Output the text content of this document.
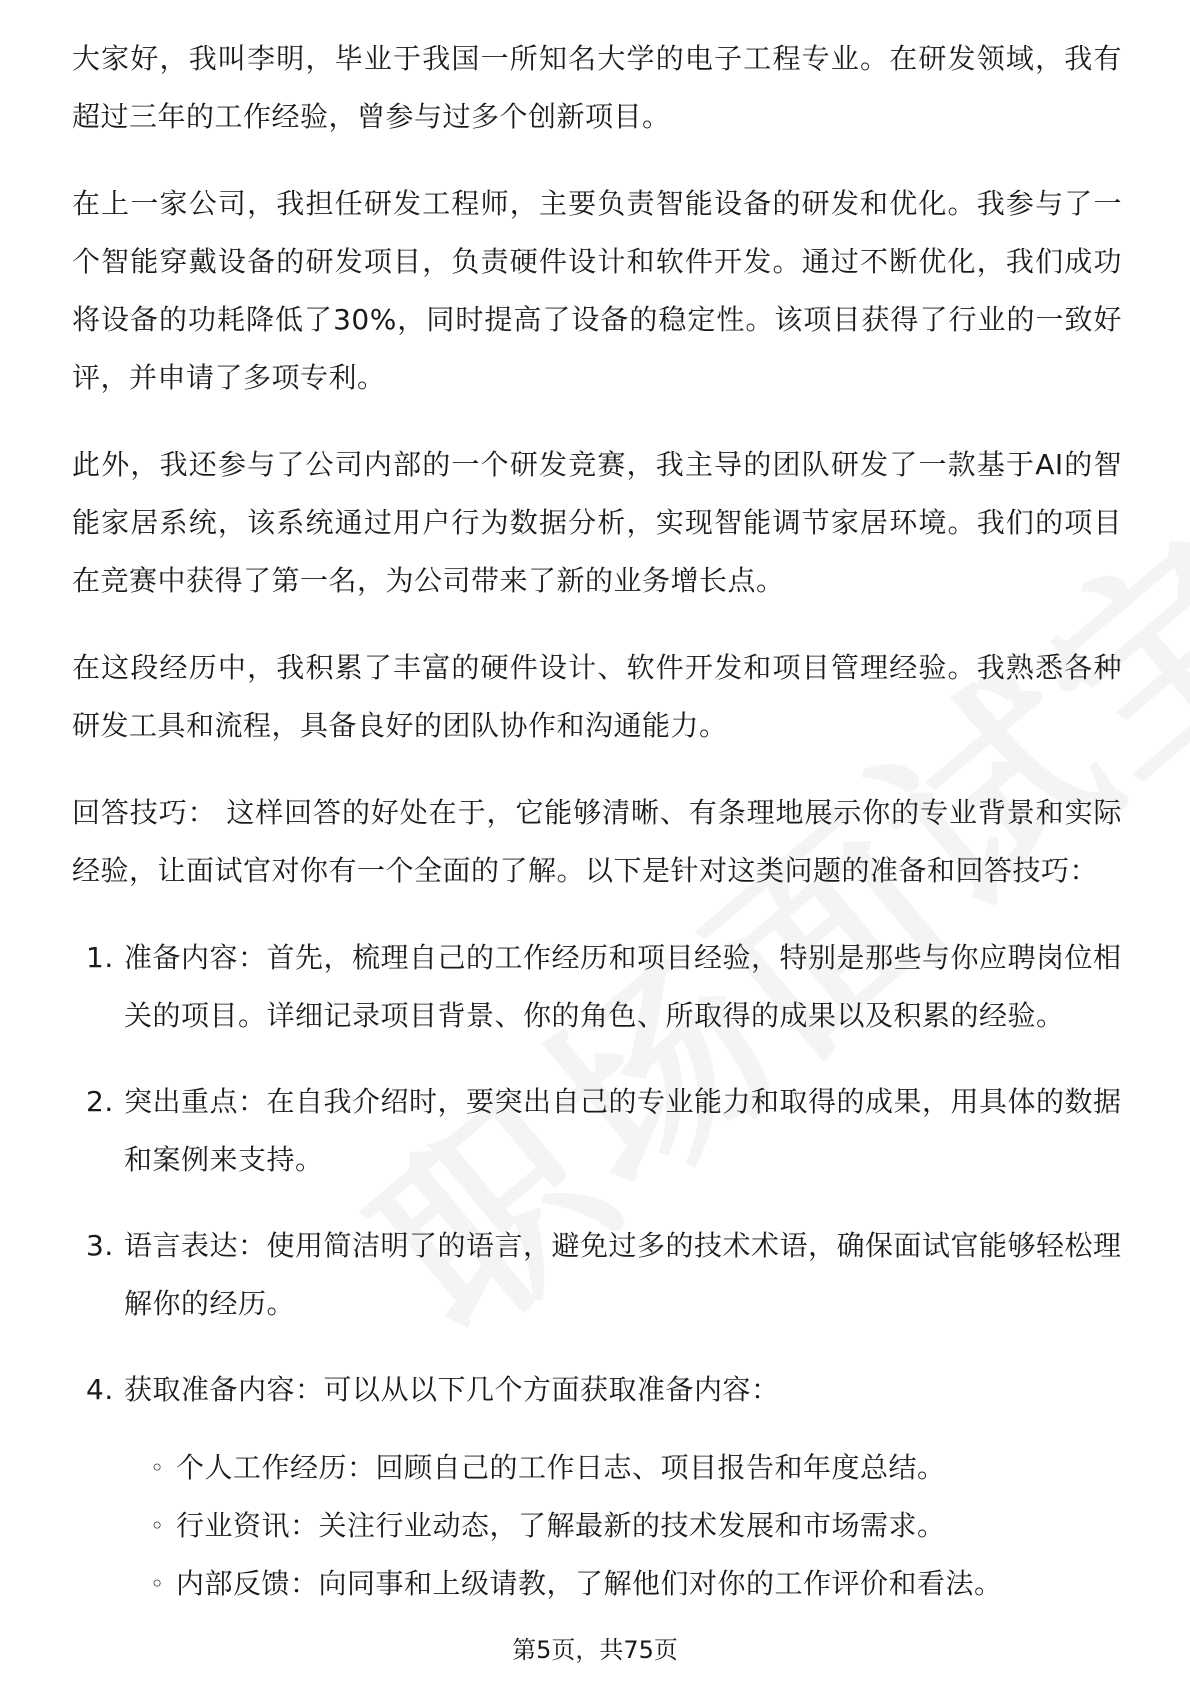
大家好，我叫李明，毕业于我国一所知名大学的电子工程专业。在研发领域，我有超过三年的工作经验，曾参与过多个创新项目。

在上一家公司，我担任研发工程师，主要负责智能设备的研发和优化。我参与了一个智能穿戴设备的研发项目，负责硬件设计和软件开发。通过不断优化，我们成功将设备的功耗降低了30%，同时提高了设备的稳定性。该项目获得了行业的一致好评，并申请了多项专利。

此外，我还参与了公司内部的一个研发竞赛，我主导的团队研发了一款基于AI的智能家居系统，该系统通过用户行为数据分析，实现智能调节家居环境。我们的项目在竞赛中获得了第一名，为公司带来了新的业务增长点。

在这段经历中，我积累了丰富的硬件设计、软件开发和项目管理经验。我熟悉各种研发工具和流程，具备良好的团队协作和沟通能力。

回答技巧： 这样回答的好处在于，它能够清晰、有条理地展示你的专业背景和实际经验，让面试官对你有一个全面的了解。以下是针对这类问题的准备和回答技巧：

1. 准备内容：首先，梳理自己的工作经历和项目经验，特别是那些与你应聘岗位相关的项目。详细记录项目背景、你的角色、所取得的成果以及积累的经验。
2. 突出重点：在自我介绍时，要突出自己的专业能力和取得的成果，用具体的数据和案例来支持。
3. 语言表达：使用简洁明了的语言，避免过多的技术术语，确保面试官能够轻松理解你的经历。
4. 获取准备内容：可以从以下几个方面获取准备内容：
◦ 个人工作经历：回顾自己的工作日志、项目报告和年度总结。
◦ 行业资讯：关注行业动态，了解最新的技术发展和市场需求。
◦ 内部反馈：向同事和上级请教，了解他们对你的工作评价和看法。
第5页，共75页
